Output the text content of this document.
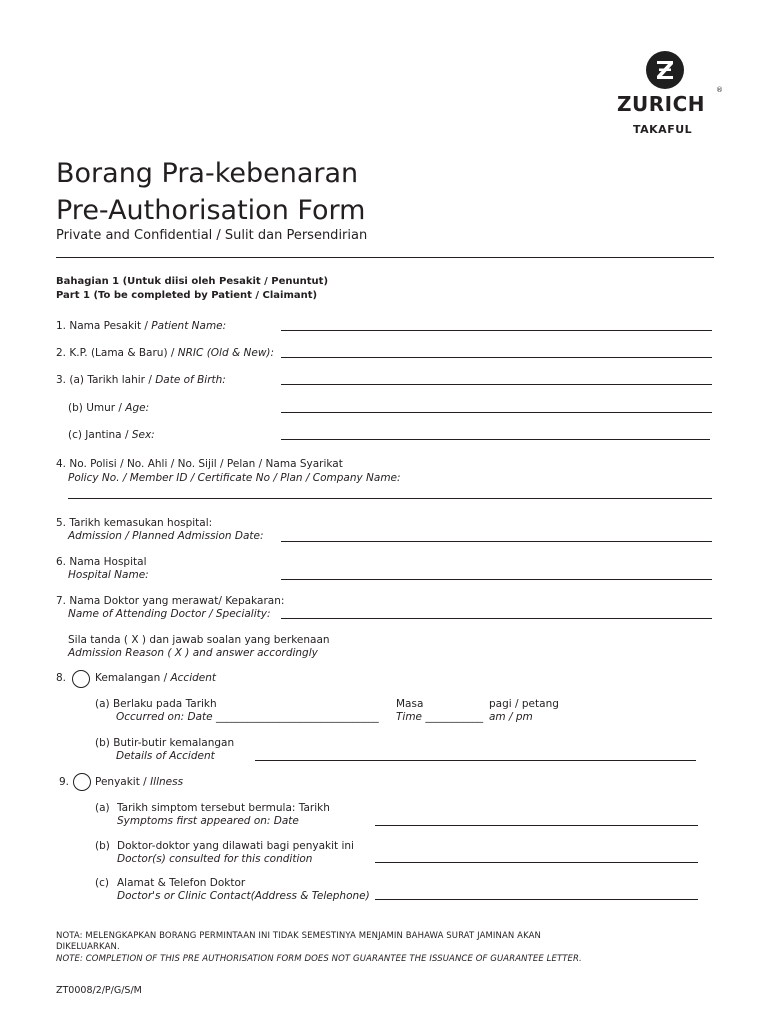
ZURICH
®
TAKAFUL
Borang Pra-kebenaran
Pre-Authorisation Form
Private and Confidential / Sulit dan Persendirian
Bahagian 1 (Untuk diisi oleh Pesakit / Penuntut)
Part 1 (To be completed by Patient / Claimant)
1. Nama Pesakit / Patient Name:
2. K.P. (Lama & Baru) / NRIC (Old & New):
3. (a) Tarikh lahir / Date of Birth:
(b) Umur / Age:
(c) Jantina / Sex:
4. No. Polisi / No. Ahli / No. Sijil / Pelan / Nama Syarikat
Policy No. / Member ID / Certificate No / Plan / Company Name:
5. Tarikh kemasukan hospital:
Admission / Planned Admission Date:
6. Nama Hospital
Hospital Name:
7. Nama Doktor yang merawat/ Kepakaran:
Name of Attending Doctor / Speciality:
Sila tanda ( X ) dan jawab soalan yang berkenaan
Admission Reason ( X ) and answer accordingly
8.	Kemalangan / Accident
(a) Berlaku pada Tarikh
Occurred on: Date _______________________________
Masa
Time ___________
pagi / petang
am / pm
(b) Butir-butir kemalangan
Details of Accident
9. Penyakit / Illness
(a) Tarikh simptom tersebut bermula: Tarikh
Symptoms first appeared on: Date
(b) Doktor-doktor yang dilawati bagi penyakit ini
Doctor(s) consulted for this condition
(c) Alamat & Telefon Doktor
Doctor's or Clinic Contact(Address & Telephone)
NOTA: MELENGKAPKAN BORANG PERMINTAAN INI TIDAK SEMESTINYA MENJAMIN BAHAWA SURAT JAMINAN AKAN
DIKELUARKAN.
NOTE: COMPLETION OF THIS PRE AUTHORISATION FORM DOES NOT GUARANTEE THE ISSUANCE OF GUARANTEE LETTER.
ZT0008/2/P/G/S/M
